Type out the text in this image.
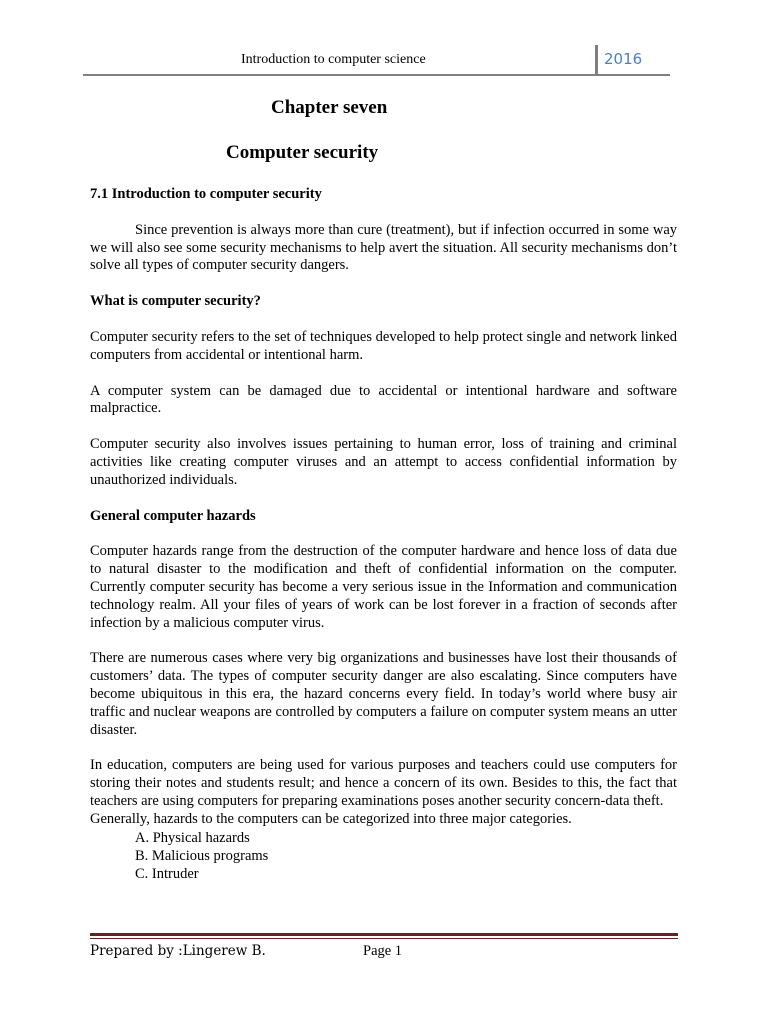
Introduction to computer science	2016
Chapter seven
Computer security
7.1 Introduction to computer security

Since prevention is always more than cure (treatment), but if infection occurred in some way we will also see some security mechanisms to help avert the situation. All security mechanisms don’t solve all types of computer security dangers.

What is computer security?

Computer security refers to the set of techniques developed to help protect single and network linked computers from accidental or intentional harm.

A computer system can be damaged due to accidental or intentional hardware and software malpractice.

Computer security also involves issues pertaining to human error, loss of training and criminal activities like creating computer viruses and an attempt to access confidential information by unauthorized individuals.

General computer hazards

Computer hazards range from the destruction of the computer hardware and hence loss of data due to natural disaster to the modification and theft of confidential information on the computer. Currently computer security has become a very serious issue in the Information and communication technology realm. All your files of years of work can be lost forever in a fraction of seconds after infection by a malicious computer virus.

There are numerous cases where very big organizations and businesses have lost their thousands of customers’ data. The types of computer security danger are also escalating. Since computers have become ubiquitous in this era, the hazard concerns every field. In today’s world where busy air traffic and nuclear weapons are controlled by computers a failure on computer system means an utter disaster.

In education, computers are being used for various purposes and teachers could use computers for storing their notes and students result; and hence a concern of its own. Besides to this, the fact that teachers are using computers for preparing examinations poses another security concern-data theft.

Generally, hazards to the computers can be categorized into three major categories.

A. Physical hazards
B. Malicious programs
C. Intruder
Prepared by :Lingerew B.	Page 1
